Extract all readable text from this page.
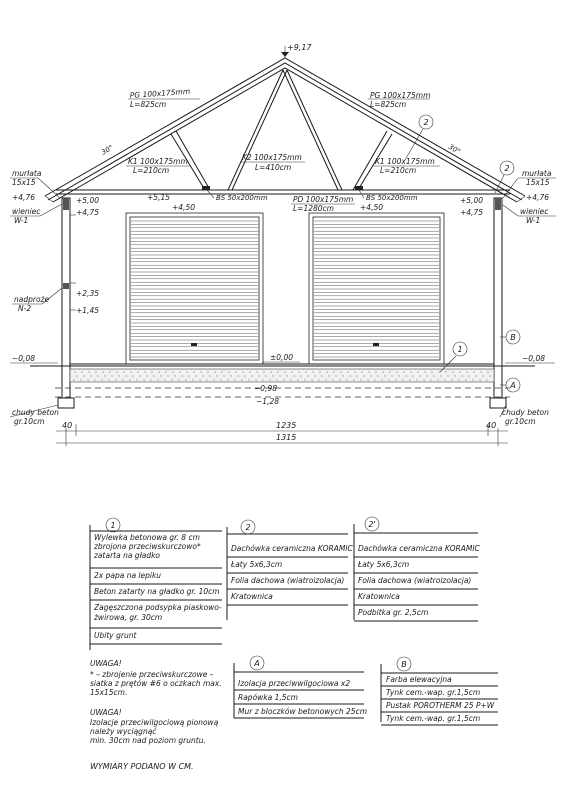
+9,17
PG 100x175mm
L=825cm
PG 100x175mm
L=825cm
K1 100x175mm
L=210cm
K2 100x175mm
L=410cm
K1 100x175mm
L=210cm
PD 100x175mm
L=1280cm
30°	30°
2
2
BS 50x200mm	BS 50x200mm
murłata
15x15
+4,76	+5,00
+4,75
wieniec
W-1
+5,15
+4,50	+4,50
+5,00
+4,75
murłata
15x15
+4,76
wieniec
W-1
+2,35
nadproże
N-2	+1,45
−0,08	−0,08
±0,00
−0,98
−1,28
1
B
A
chudy beton
gr.10cm
chudy beton
gr.10cm
40	1235	40
1315
1
Wylewka betonowa gr. 8 cm
zbrojona przeciwskurczowo*
zatarta na gładko
2x papa na lepiku
Beton zatarty na gładko gr. 10cm
Zagęszczona podsypka piaskowo-
żwirowa, gr. 30cm
Ubity grunt
2
Dachówka ceramiczna KORAMIC
Łaty 5x6,3cm
Folia dachowa (wiatroizolacja)
Kratownica
2'
Dachówka ceramiczna KORAMIC
Łaty 5x6,3cm
Folia dachowa (wiatroizolacja)
Kratownica
Podbitka gr. 2,5cm
A
Izolacja przeciwwilgociowa x2
Rapówka 1,5cm
Mur z bloczków betonowych 25cm
B
Farba elewacyjna
Tynk cem.-wap. gr.1,5cm
Pustak POROTHERM 25 P+W
Tynk cem.-wap. gr.1,5cm
UWAGA!
* – zbrojenie przeciwskurczowe –
siatka z prętów #6 o oczkach max.
15x15cm.
UWAGA!
Izolacje przeciwilgociową pionową
należy wyciągnąć
min. 30cm nad poziom gruntu.
WYMIARY PODANO W CM.
